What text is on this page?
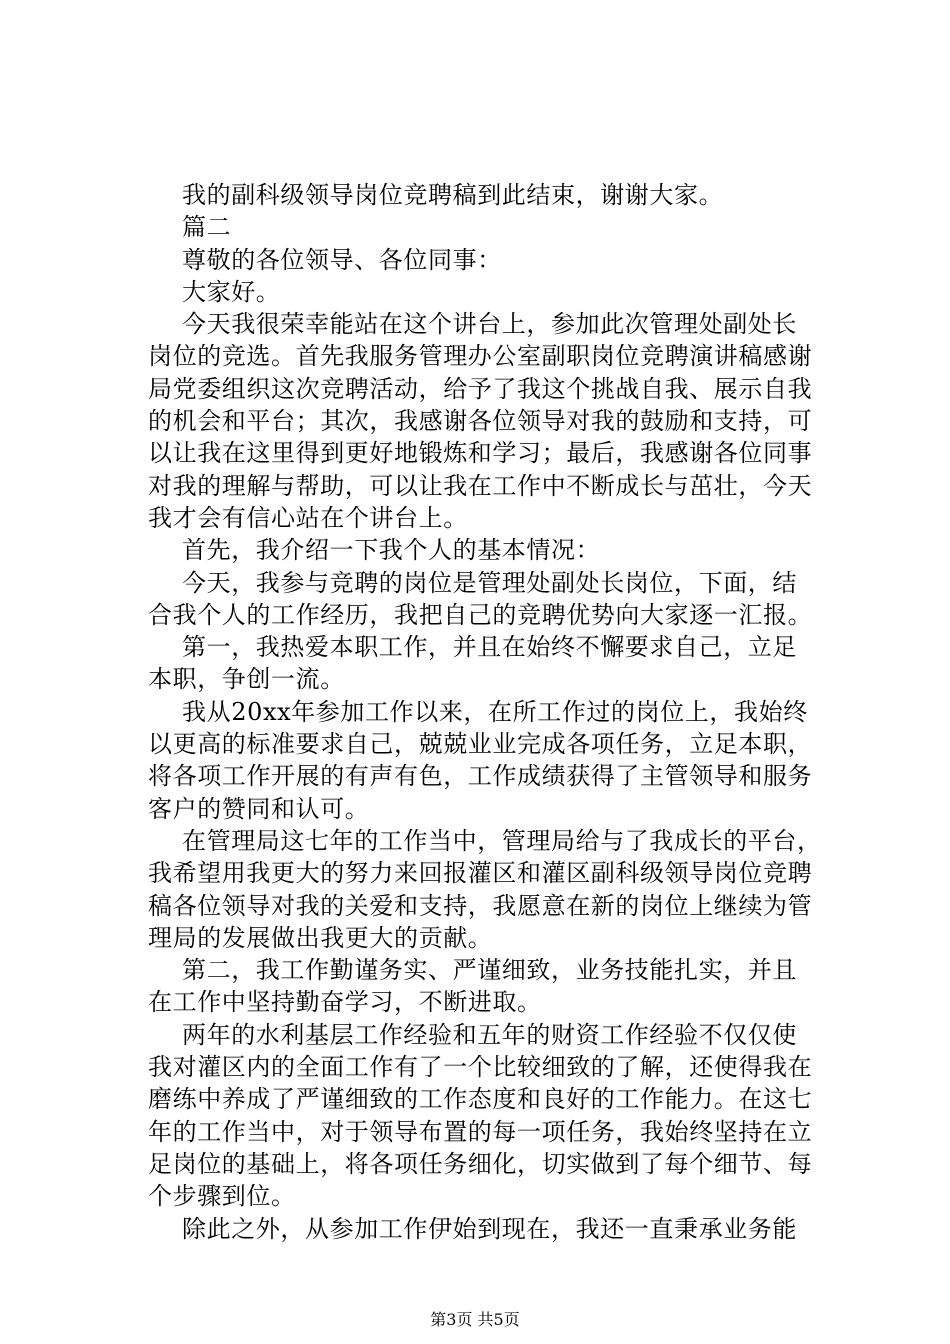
我的副科级领导岗位竞聘稿到此结束，谢谢大家。
篇二
尊敬的各位领导、各位同事：
大家好。
今天我很荣幸能站在这个讲台上，参加此次管理处副处长
岗位的竞选。首先我服务管理办公室副职岗位竞聘演讲稿感谢
局党委组织这次竞聘活动，给予了我这个挑战自我、展示自我
的机会和平台；其次，我感谢各位领导对我的鼓励和支持，可
以让我在这里得到更好地锻炼和学习；最后，我感谢各位同事
对我的理解与帮助，可以让我在工作中不断成长与茁壮，今天
我才会有信心站在个讲台上。
首先，我介绍一下我个人的基本情况：
今天，我参与竞聘的岗位是管理处副处长岗位，下面，结
合我个人的工作经历，我把自己的竞聘优势向大家逐一汇报。
第一，我热爱本职工作，并且在始终不懈要求自己，立足
本职，争创一流。
我从20xx年参加工作以来，在所工作过的岗位上，我始终
以更高的标准要求自己，兢兢业业完成各项任务，立足本职，
将各项工作开展的有声有色，工作成绩获得了主管领导和服务
客户的赞同和认可。
在管理局这七年的工作当中，管理局给与了我成长的平台，
我希望用我更大的努力来回报灌区和灌区副科级领导岗位竞聘
稿各位领导对我的关爱和支持，我愿意在新的岗位上继续为管
理局的发展做出我更大的贡献。
第二，我工作勤谨务实、严谨细致，业务技能扎实，并且
在工作中坚持勤奋学习，不断进取。
两年的水利基层工作经验和五年的财资工作经验不仅仅使
我对灌区内的全面工作有了一个比较细致的了解，还使得我在
磨练中养成了严谨细致的工作态度和良好的工作能力。在这七
年的工作当中，对于领导布置的每一项任务，我始终坚持在立
足岗位的基础上，将各项任务细化，切实做到了每个细节、每
个步骤到位。
除此之外，从参加工作伊始到现在，我还一直秉承业务能
第3页 共5页
